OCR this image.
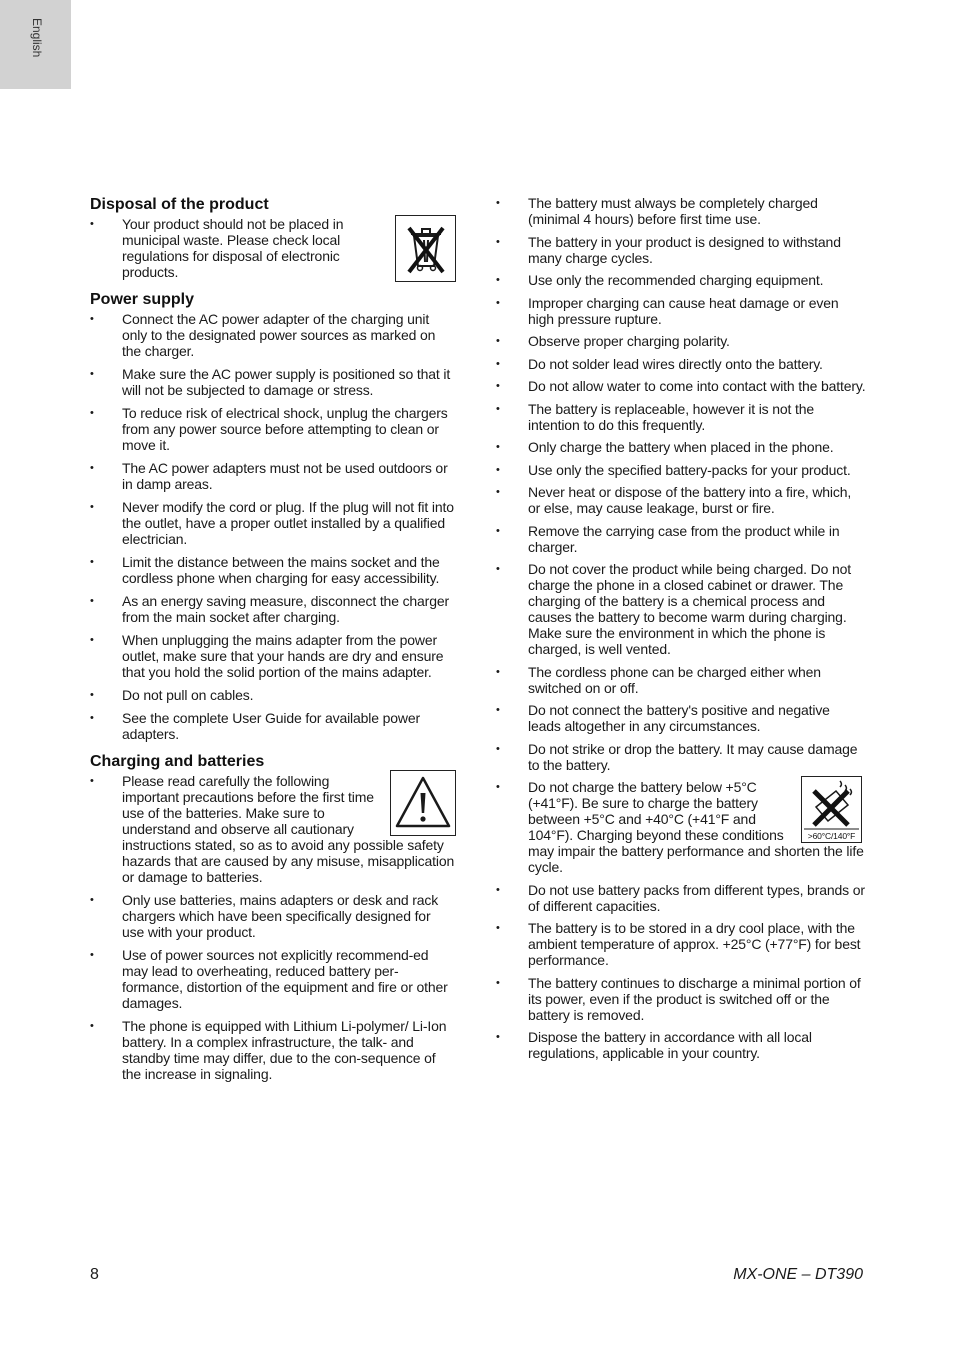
English
Disposal of the product
• Your product should not be placed in municipal waste. Please check local regulations for disposal of electronic products.
Power supply
• Connect the AC power adapter of the charging unit only to the designated power sources as marked on the charger.
• Make sure the AC power supply is positioned so that it will not be subjected to damage or stress.
• To reduce risk of electrical shock, unplug the chargers from any power source before attempting to clean or move it.
• The AC power adapters must not be used outdoors or in damp areas.
• Never modify the cord or plug. If the plug will not fit into the outlet, have a proper outlet installed by a qualified electrician.
• Limit the distance between the mains socket and the cordless phone when charging for easy accessibility.
• As an energy saving measure, disconnect the charger from the main socket after charging.
• When unplugging the mains adapter from the power outlet, make sure that your hands are dry and ensure that you hold the solid portion of the mains adapter.
• Do not pull on cables.
• See the complete User Guide for available power adapters.
Charging and batteries
• Please read carefully the following important precautions before the first time use of the batteries. Make sure to understand and observe all cautionary instructions stated, so as to avoid any possible safety hazards that are caused by any misuse, misapplication or damage to batteries.
• Only use batteries, mains adapters or desk and rack chargers which have been specifically designed for use with your product.
• Use of power sources not explicitly recommend-ed may lead to overheating, reduced battery per-formance, distortion of the equipment and fire or other damages.
• The phone is equipped with Lithium Li-polymer/ Li-Ion battery. In a complex infrastructure, the talk- and standby time may differ, due to the con-sequence of the increase in signaling.
• The battery must always be completely charged (minimal 4 hours) before first time use.
• The battery in your product is designed to withstand many charge cycles.
• Use only the recommended charging equipment.
• Improper charging can cause heat damage or even high pressure rupture.
• Observe proper charging polarity.
• Do not solder lead wires directly onto the battery.
• Do not allow water to come into contact with the battery.
• The battery is replaceable, however it is not the intention to do this frequently.
• Only charge the battery when placed in the phone.
• Use only the specified battery-packs for your product.
• Never heat or dispose of the battery into a fire, which, or else, may cause leakage, burst or fire.
• Remove the carrying case from the product while in charger.
• Do not cover the product while being charged. Do not charge the phone in a closed cabinet or drawer. The charging of the battery is a chemical process and causes the battery to become warm during charging. Make sure the environment in which the phone is charged, is well vented.
• The cordless phone can be charged either when switched on or off.
• Do not connect the battery's positive and negative leads altogether in any circumstances.
• Do not strike or drop the battery. It may cause damage to the battery.
• >60°C/140°F
Do not charge the battery below +5°C (+41°F). Be sure to charge the battery between +5°C and +40°C (+41°F and 104°F). Charging beyond these conditions may impair the battery performance and shorten the life cycle.
• Do not use battery packs from different types, brands or of different capacities.
• The battery is to be stored in a dry cool place, with the ambient temperature of approx. +25°C (+77°F) for best performance.
• The battery continues to discharge a minimal portion of its power, even if the product is switched off or the battery is removed.
• Dispose the battery in accordance with all local regulations, applicable in your country.
8	MX-ONE – DT390
